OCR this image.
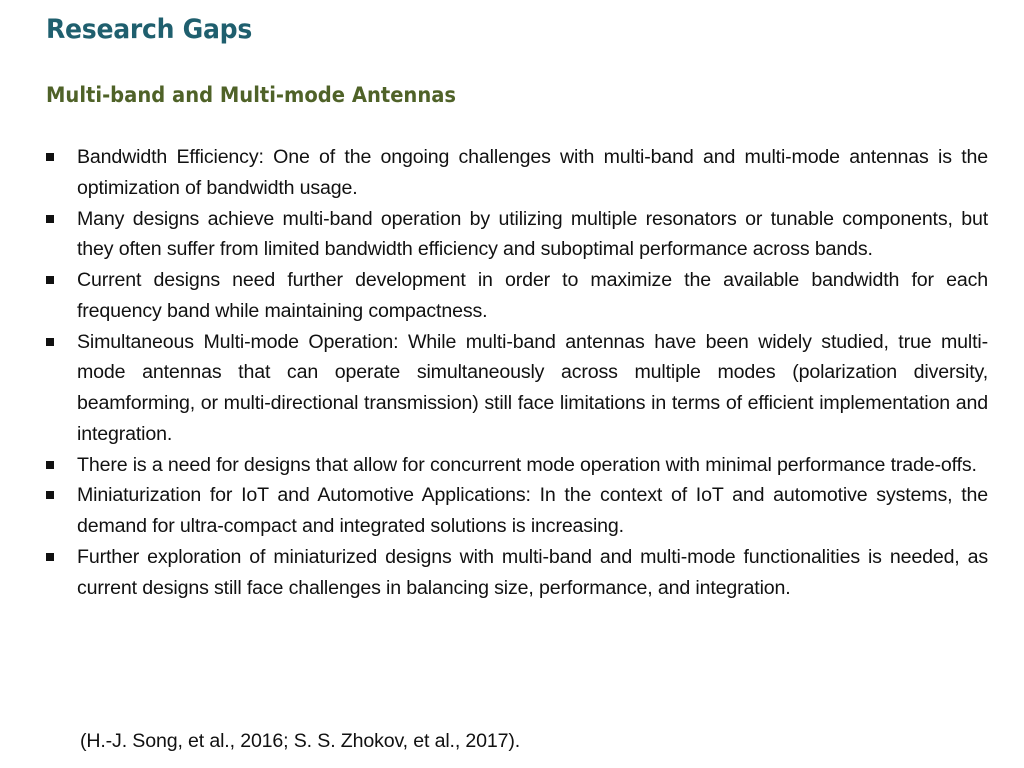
Research Gaps
Multi-band and Multi-mode Antennas
Bandwidth Efficiency: One of the ongoing challenges with multi-band and multi-mode antennas is the optimization of bandwidth usage.
Many designs achieve multi-band operation by utilizing multiple resonators or tunable components, but they often suffer from limited bandwidth efficiency and suboptimal performance across bands.
Current designs need further development in order to maximize the available bandwidth for each frequency band while maintaining compactness.
Simultaneous Multi-mode Operation: While multi-band antennas have been widely studied, true multi-mode antennas that can operate simultaneously across multiple modes (polarization diversity, beamforming, or multi-directional transmission) still face limitations in terms of efficient implementation and integration.
There is a need for designs that allow for concurrent mode operation with minimal performance trade-offs.
Miniaturization for IoT and Automotive Applications: In the context of IoT and automotive systems, the demand for ultra-compact and integrated solutions is increasing.
Further exploration of miniaturized designs with multi-band and multi-mode functionalities is needed, as current designs still face challenges in balancing size, performance, and integration.
(H.-J. Song, et al., 2016; S. S. Zhokov, et al., 2017).
